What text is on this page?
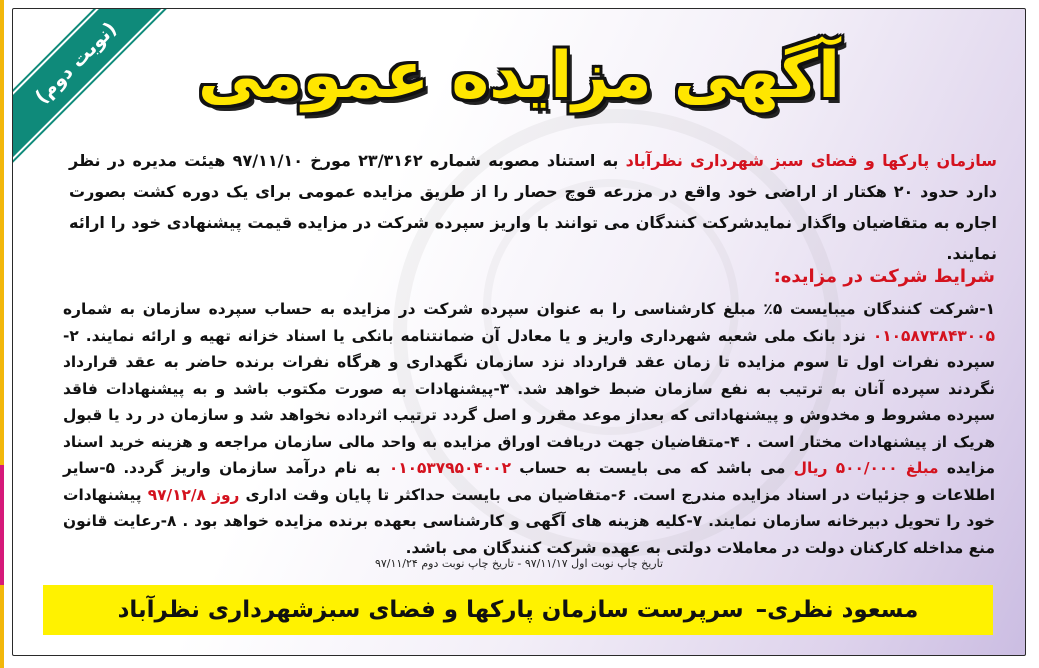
(نوبت دوم)
آگهی مزایده عمومی
سازمان پارکها و فضای سبز شهرداری نظرآباد به استناد مصوبه شماره ۲۳/۳۱۶۲ مورخ ۹۷/۱۱/۱۰ هیئت مدیره در نظر دارد حدود ۲۰ هکتار از اراضی خود واقع در مزرعه قوچ حصار را از طریق مزایده عمومی برای یک دوره کشت بصورت اجاره به متقاضیان واگذار نمایدشرکت کنندگان می توانند با واریز سپرده شرکت در مزایده قیمت پیشنهادی خود را ارائه نمایند.
شرایط شرکت در مزایده:
۱-شرکت کنندگان میبایست ۵٪ مبلغ کارشناسی را به عنوان سپرده شرکت در مزایده به حساب سپرده سازمان به شماره ۰۱۰۵۸۷۳۸۴۳۰۰۵ نزد بانک ملی شعبه شهرداری واریز و یا معادل آن ضمانتنامه بانکی یا اسناد خزانه تهیه و ارائه نمایند. ۲-سپرده نفرات اول تا سوم مزایده تا زمان عقد قرارداد نزد سازمان نگهداری و هرگاه نفرات برنده حاضر به عقد قرارداد نگردند سپرده آنان به ترتیب به نفع سازمان ضبط خواهد شد. ۳-پیشنهادات به صورت مکتوب باشد و به پیشنهادات فاقد سپرده مشروط و مخدوش و پیشنهاداتی که بعداز موعد مقرر و اصل گردد ترتیب اثرداده نخواهد شد و سازمان در رد یا قبول هریک از پیشنهادات مختار است . ۴-متقاضیان جهت دریافت اوراق مزایده به واحد مالی سازمان مراجعه و هزینه خرید اسناد مزایده مبلغ ۵۰۰/۰۰۰ ریال می باشد که می بایست به حساب ۰۱۰۵۳۷۹۵۰۴۰۰۲ به نام درآمد سازمان واریز گردد. ۵-سایر اطلاعات و جزئیات در اسناد مزایده مندرج است. ۶-متقاضیان می بایست حداکثر تا پایان وقت اداری روز ۹۷/۱۲/۸ پیشنهادات خود را تحویل دبیرخانه سازمان نمایند. ۷-کلیه هزینه های آگهی و کارشناسی بعهده برنده مزایده خواهد بود . ۸-رعایت قانون منع مداخله کارکنان دولت در معاملات دولتی به عهده شرکت کنندگان می باشد.
تاریخ چاپ نوبت اول ۹۷/۱۱/۱۷ - تاریخ چاپ نوبت دوم ۹۷/۱۱/۲۴
مسعود نظری–
سرپرست سازمان پارکها و فضای سبزشهرداری نظرآباد
